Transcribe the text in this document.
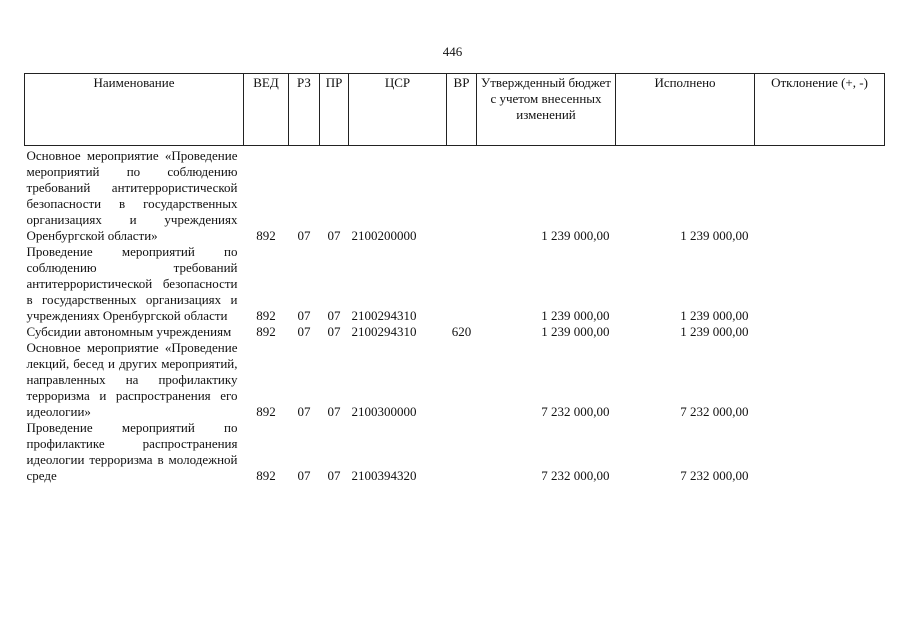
446
Наименование	ВЕД	РЗ	ПР	ЦСР	ВР	Утвержденный бюджет с учетом внесенных изменений	Исполнено	Отклонение (+, -)
Основное мероприятие «Проведение мероприятий по соблюдению требований антитеррористической безопасности в государственных организациях и учреждениях Оренбургской области»	892	07	07	2100200000		1 239 000,00	1 239 000,00	
Проведение мероприятий по соблюдению требований антитеррористической безопасности в государственных организациях и учреждениях Оренбургской области	892	07	07	2100294310		1 239 000,00	1 239 000,00	
Субсидии автономным учреждениям	892	07	07	2100294310	620	1 239 000,00	1 239 000,00	
Основное мероприятие «Проведение лекций, бесед и других мероприятий, направленных на профилактику терроризма и распространения его идеологии»	892	07	07	2100300000		7 232 000,00	7 232 000,00	
Проведение мероприятий по профилактике распространения идеологии терроризма в молодежной среде	892	07	07	2100394320		7 232 000,00	7 232 000,00	
